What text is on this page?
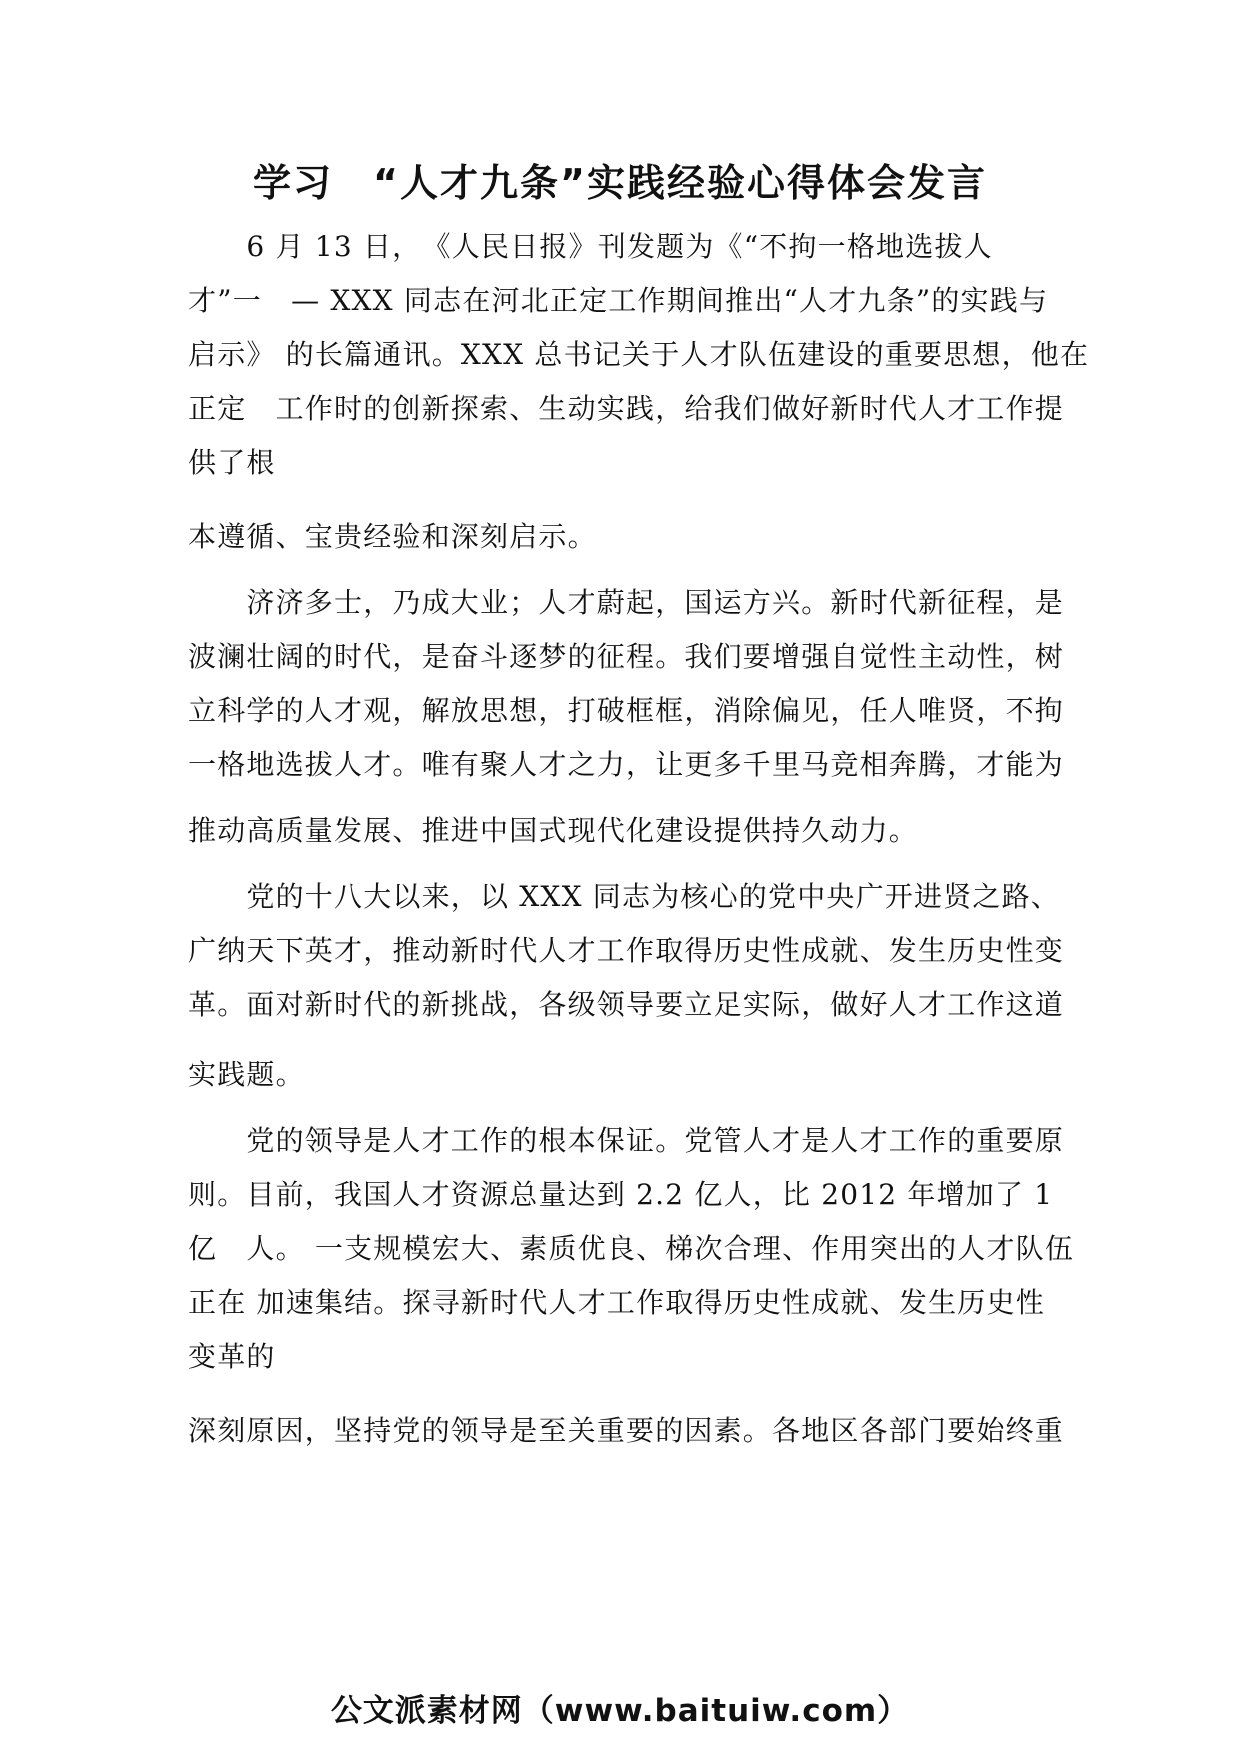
学习　“人才九条”实践经验心得体会发言
　　6 月 13 日，　《人民日报》刊发题为《“不拘一格地选拔人
才”一　— XXX 同志在河北正定工作期间推出“人才九条”的实践与
启示》 的长篇通讯。XXX 总书记关于人才队伍建设的重要思想，他在
正定　工作时的创新探索、生动实践，给我们做好新时代人才工作提
供了根
本遵循、宝贵经验和深刻启示。
　　济济多士，乃成大业；人才蔚起，国运方兴。新时代新征程，是
波澜壮阔的时代，是奋斗逐梦的征程。我们要增强自觉性主动性，树
立科学的人才观，解放思想，打破框框，消除偏见，任人唯贤，不拘
一格地选拔人才。唯有聚人才之力，让更多千里马竞相奔腾，才能为
推动高质量发展、推进中国式现代化建设提供持久动力。
　　党的十八大以来，以 XXX 同志为核心的党中央广开进贤之路、
广纳天下英才，推动新时代人才工作取得历史性成就、发生历史性变
革。面对新时代的新挑战，各级领导要立足实际，做好人才工作这道
实践题。
　　党的领导是人才工作的根本保证。党管人才是人才工作的重要原
则。目前，我国人才资源总量达到 2.2 亿人，比 2012 年增加了 1
亿　人。 一支规模宏大、素质优良、梯次合理、作用突出的人才队伍
正在 加速集结。探寻新时代人才工作取得历史性成就、发生历史性
变革的
深刻原因，坚持党的领导是至关重要的因素。各地区各部门要始终重
公文派素材网（www.baituiw.com）
